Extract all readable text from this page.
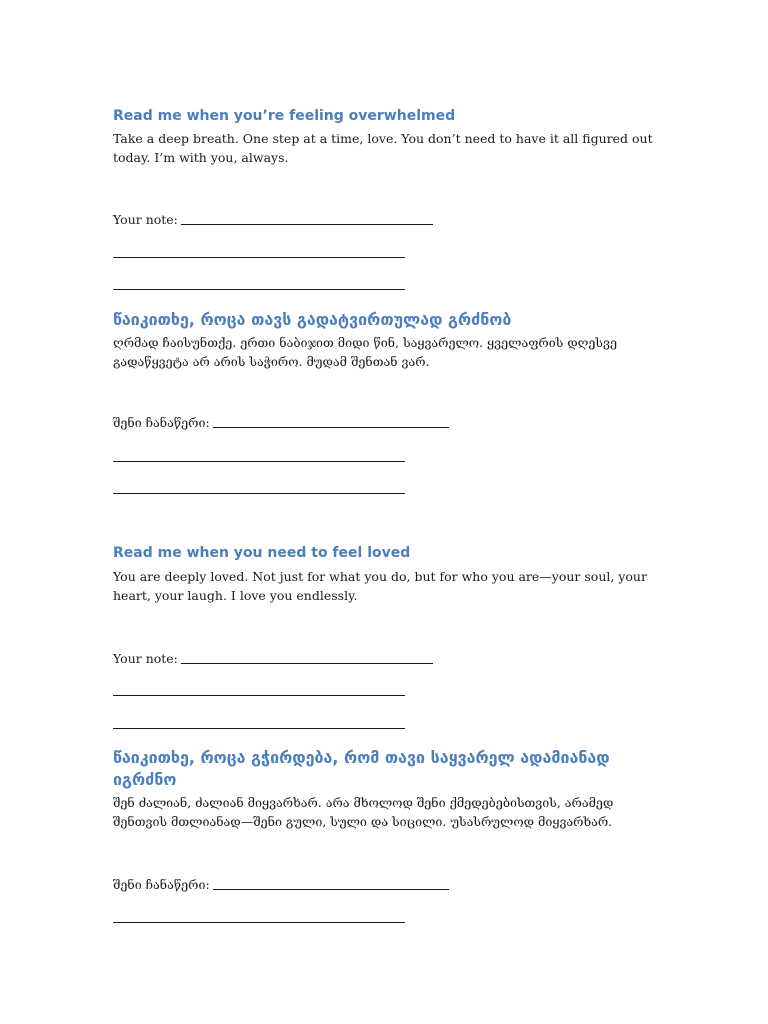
Read me when you’re feeling overwhelmed

Take a deep breath. One step at a time, love. You don’t need to have it all figured out today. I’m with you, always.

Your note:
წაიკითხე, როცა თავს გადატვირთულად გრძნობ

ღრმად ჩაისუნთქე. ერთი ნაბიჯით მიდი წინ, საყვარელო. ყველაფრის დღესვე გადაწყვეტა არ არის საჭირო. მუდამ შენთან ვარ.

შენი ჩანაწერი:
Read me when you need to feel loved

You are deeply loved. Not just for what you do, but for who you are—your soul, your heart, your laugh. I love you endlessly.

Your note:
წაიკითხე, როცა გჭირდება, რომ თავი საყვარელ ადამიანად იგრძნო

შენ ძალიან, ძალიან მიყვარხარ. არა მხოლოდ შენი ქმედებებისთვის, არამედ შენთვის მთლიანად—შენი გული, სული და სიცილი. უსასრულოდ მიყვარხარ.

შენი ჩანაწერი:
